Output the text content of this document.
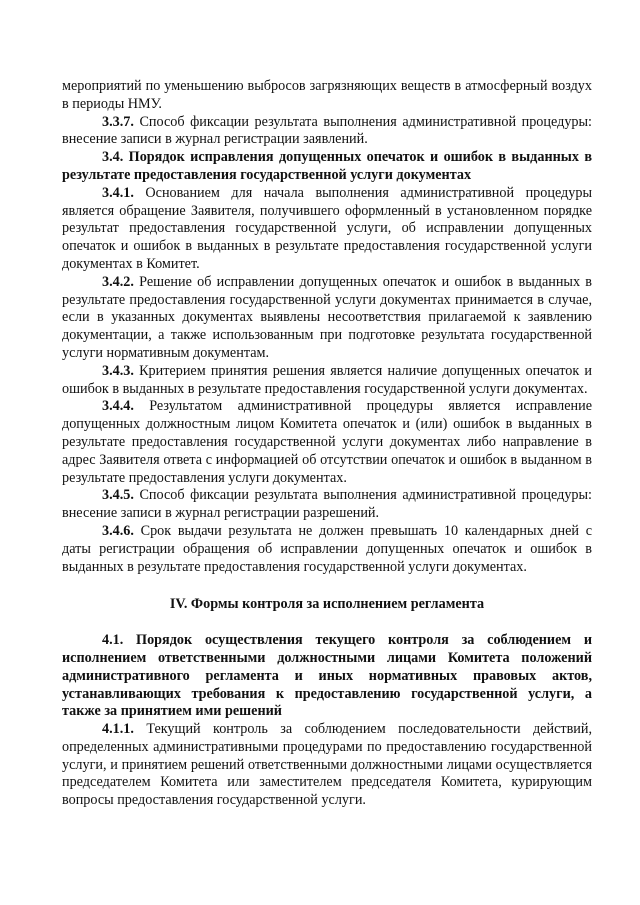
мероприятий по уменьшению выбросов загрязняющих веществ в атмосферный воздух в периоды НМУ.

3.3.7. Способ фиксации результата выполнения административной процедуры: внесение записи в журнал регистрации заявлений.

3.4. Порядок исправления допущенных опечаток и ошибок в выданных в результате предоставления государственной услуги документах

3.4.1. Основанием для начала выполнения административной процедуры является обращение Заявителя, получившего оформленный в установленном порядке результат предоставления государственной услуги, об исправлении допущенных опечаток и ошибок в выданных в результате предоставления государственной услуги документах в Комитет.

3.4.2. Решение об исправлении допущенных опечаток и ошибок в выданных в результате предоставления государственной услуги документах принимается в случае, если в указанных документах выявлены несоответствия прилагаемой к заявлению документации, а также использованным при подготовке результата государственной услуги нормативным документам.

3.4.3. Критерием принятия решения является наличие допущенных опечаток и ошибок в выданных в результате предоставления государственной услуги документах.

3.4.4. Результатом административной процедуры является исправление допущенных должностным лицом Комитета опечаток и (или) ошибок в выданных в результате предоставления государственной услуги документах либо направление в адрес Заявителя ответа с информацией об отсутствии опечаток и ошибок в выданном в результате предоставления услуги документах.

3.4.5. Способ фиксации результата выполнения административной процедуры: внесение записи в журнал регистрации разрешений.

3.4.6. Срок выдачи результата не должен превышать 10 календарных дней с даты регистрации обращения об исправлении допущенных опечаток и ошибок в выданных в результате предоставления государственной услуги документах.

IV. Формы контроля за исполнением регламента

4.1. Порядок осуществления текущего контроля за соблюдением и исполнением ответственными должностными лицами Комитета положений административного регламента и иных нормативных правовых актов, устанавливающих требования к предоставлению государственной услуги, а также за принятием ими решений

4.1.1. Текущий контроль за соблюдением последовательности действий, определенных административными процедурами по предоставлению государственной услуги, и принятием решений ответственными должностными лицами осуществляется председателем Комитета или заместителем председателя Комитета, курирующим вопросы предоставления государственной услуги.
